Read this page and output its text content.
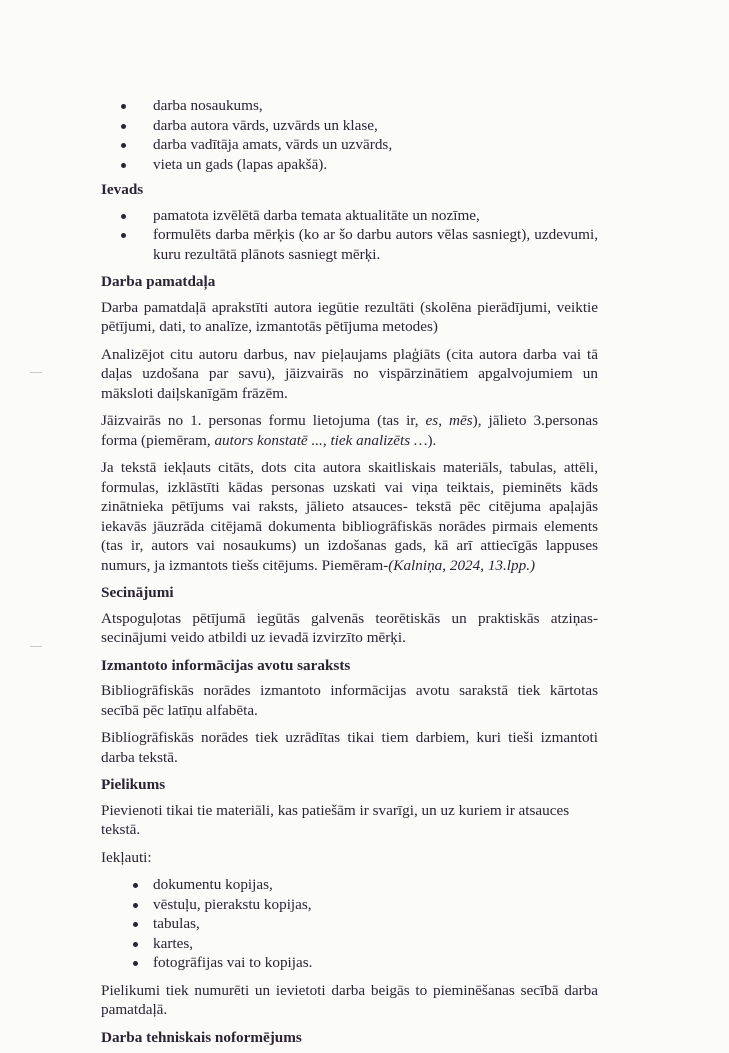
darba nosaukums,
darba autora vārds, uzvārds un klase,
darba vadītāja amats, vārds un uzvārds,
vieta un gads (lapas apakšā).
Ievads
pamatota izvēlētā darba temata aktualitāte un nozīme,
formulēts darba mērķis (ko ar šo darbu autors vēlas sasniegt), uzdevumi, kuru rezultātā plānots sasniegt mērķi.
Darba pamatdaļa

Darba pamatdaļā aprakstīti autora iegūtie rezultāti (skolēna pierādījumi, veiktie pētījumi, dati, to analīze, izmantotās pētījuma metodes)

Analizējot citu autoru darbus, nav pieļaujams plaģiāts (cita autora darba vai tā daļas uzdošana par savu), jāizvairās no vispārzinātiem apgalvojumiem un māksloti daiļskanīgām frāzēm.

Jāizvairās no 1. personas formu lietojuma (tas ir, es, mēs), jālieto 3.personas forma (piemēram, autors konstatē ..., tiek analizēts …).

Ja tekstā iekļauts citāts, dots cita autora skaitliskais materiāls, tabulas, attēli, formulas, izklāstīti kādas personas uzskati vai viņa teiktais, pieminēts kāds zinātnieka pētījums vai raksts, jālieto atsauces- tekstā pēc citējuma apaļajās iekavās jāuzrāda citējamā dokumenta bibliogrāfiskās norādes pirmais elements (tas ir, autors vai nosaukums) un izdošanas gads, kā arī attiecīgās lappuses numurs, ja izmantots tiešs citējums. Piemēram-(Kalniņa, 2024, 13.lpp.)

Secinājumi

Atspoguļotas pētījumā iegūtās galvenās teorētiskās un praktiskās atziņas- secinājumi veido atbildi uz ievadā izvirzīto mērķi.

Izmantoto informācijas avotu saraksts

Bibliogrāfiskās norādes izmantoto informācijas avotu sarakstā tiek kārtotas secībā pēc latīņu alfabēta.

Bibliogrāfiskās norādes tiek uzrādītas tikai tiem darbiem, kuri tieši izmantoti darba tekstā.

Pielikums

Pievienoti tikai tie materiāli, kas patiešām ir svarīgi, un uz kuriem ir atsauces tekstā.

Iekļauti:

dokumentu kopijas,
vēstuļu, pierakstu kopijas,
tabulas,
kartes,
fotogrāfijas vai to kopijas.

Pielikumi tiek numurēti un ievietoti darba beigās to pieminēšanas secībā darba pamatdaļā.

Darba tehniskais noformējums
